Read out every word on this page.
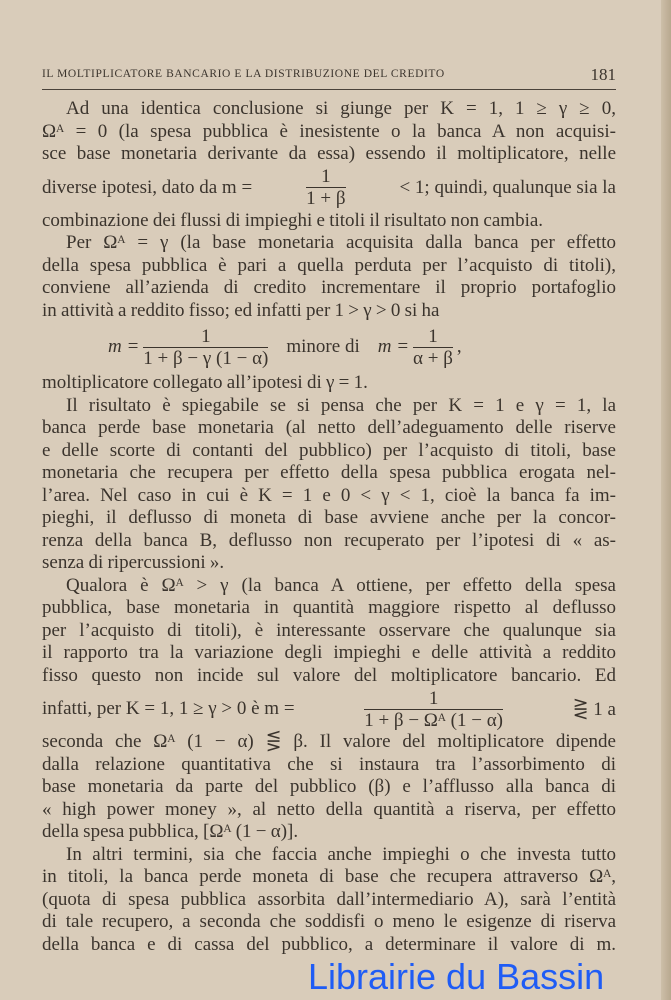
IL MOLTIPLICATORE BANCARIO E LA DISTRIBUZIONE DEL CREDITO	181
Ad una identica conclusione si giunge per K = 1, 1 ≥ γ ≥ 0,
Ωᴬ = 0 (la spesa pubblica è inesistente o la banca A non acquisi-
sce base monetaria derivante da essa) essendo il moltiplicatore, nelle
diverse ipotesi, dato da m =	$\frac{1}{1 + \beta}$	< 1; quindi, qualunque sia la
combinazione dei flussi di impieghi e titoli il risultato non cambia.
Per Ωᴬ = γ (la base monetaria acquisita dalla banca per effetto
della spesa pubblica è pari a quella perduta per l’acquisto di titoli),
conviene all’azienda di credito incrementare il proprio portafoglio
in attività a reddito fisso; ed infatti per 1 > γ > 0 si ha
$m = \frac{1}{1 + \beta - \gamma (1 - \alpha)}$ minore di $m = \frac{1}{\alpha + \beta}$ ,
moltiplicatore collegato all’ipotesi di γ = 1.
Il risultato è spiegabile se si pensa che per K = 1 e γ = 1, la
banca perde base monetaria (al netto dell’adeguamento delle riserve
e delle scorte di contanti del pubblico) per l’acquisto di titoli, base
monetaria che recupera per effetto della spesa pubblica erogata nel-
l’area. Nel caso in cui è K = 1 e 0 < γ < 1, cioè la banca fa im-
pieghi, il deflusso di moneta di base avviene anche per la concor-
renza della banca B, deflusso non recuperato per l’ipotesi di « as-
senza di ripercussioni ».
Qualora è Ωᴬ > γ (la banca A ottiene, per effetto della spesa
pubblica, base monetaria in quantità maggiore rispetto al deflusso
per l’acquisto di titoli), è interessante osservare che qualunque sia
il rapporto tra la variazione degli impieghi e delle attività a reddito
fisso questo non incide sul valore del moltiplicatore bancario. Ed
infatti, per K = 1, 1 ≥ γ > 0 è m =	$\frac{1}{\text{1 + β − Ωᴬ (1 − α)}}$	⋛ 1 a
seconda che Ωᴬ (1 − α) ⋚ β. Il valore del moltiplicatore dipende
dalla relazione quantitativa che si instaura tra l’assorbimento di
base monetaria da parte del pubblico (β) e l’afflusso alla banca di
« high power money », al netto della quantità a riserva, per effetto
della spesa pubblica, [Ωᴬ (1 − α)].
In altri termini, sia che faccia anche impieghi o che investa tutto
in titoli, la banca perde moneta di base che recupera attraverso Ωᴬ,
(quota di spesa pubblica assorbita dall’intermediario A), sarà l’entità
di tale recupero, a seconda che soddisfi o meno le esigenze di riserva
della banca e di cassa del pubblico, a determinare il valore di m.
Librairie du Bassin
